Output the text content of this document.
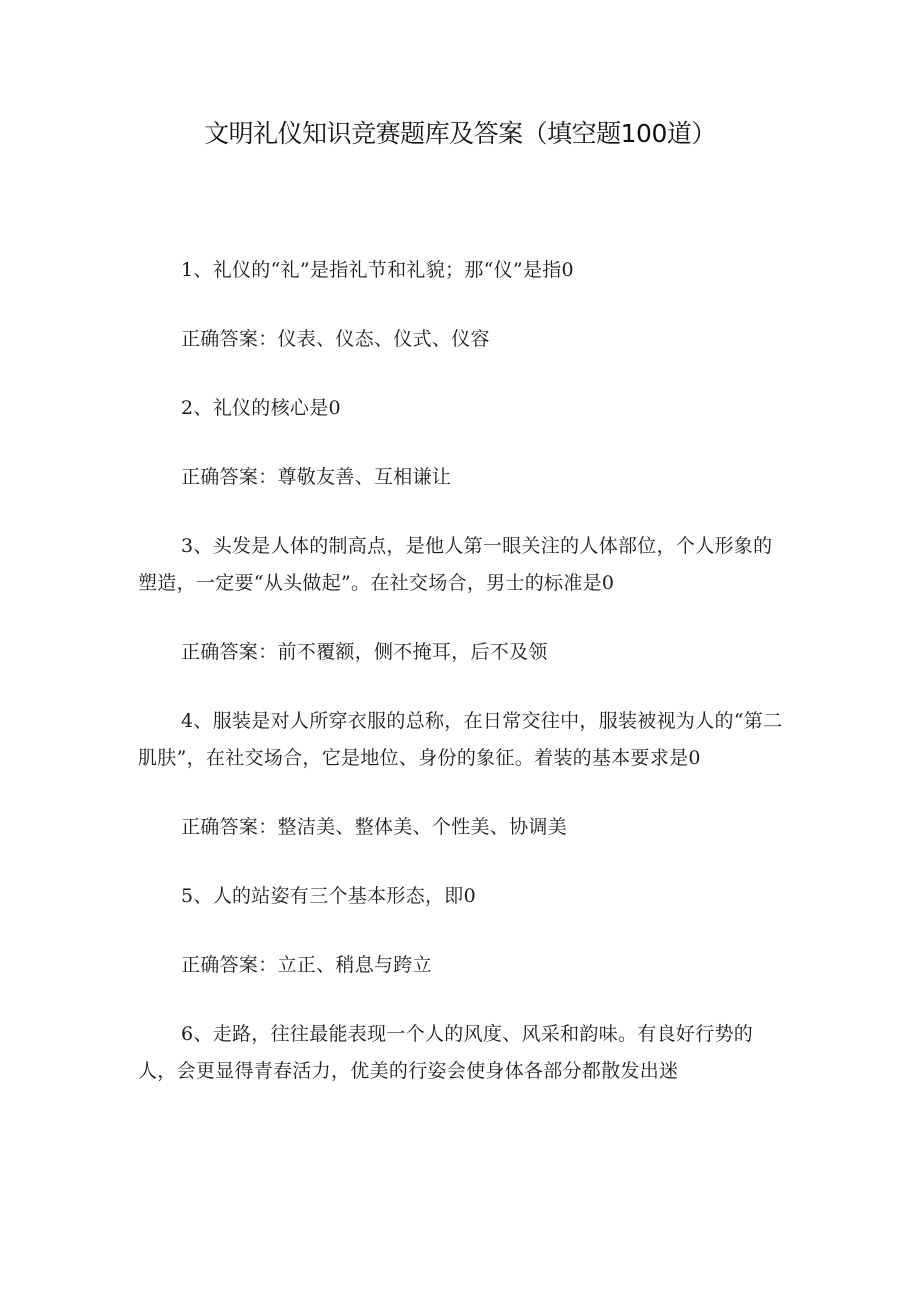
文明礼仪知识竞赛题库及答案（填空题100道）

1、礼仪的“礼”是指礼节和礼貌；那“仪”是指0

正确答案：仪表、仪态、仪式、仪容

2、礼仪的核心是0

正确答案：尊敬友善、互相谦让

3、头发是人体的制高点，是他人第一眼关注的人体部位，个人形象的塑造，一定要“从头做起”。在社交场合，男士的标准是0

正确答案：前不覆额，侧不掩耳，后不及领

4、服装是对人所穿衣服的总称，在日常交往中，服装被视为人的“第二肌肤”，在社交场合，它是地位、身份的象征。着装的基本要求是0

正确答案：整洁美、整体美、个性美、协调美

5、人的站姿有三个基本形态，即0

正确答案：立正、稍息与跨立

6、走路，往往最能表现一个人的风度、风采和韵味。有良好行势的人，会更显得青春活力，优美的行姿会使身体各部分都散发出迷
